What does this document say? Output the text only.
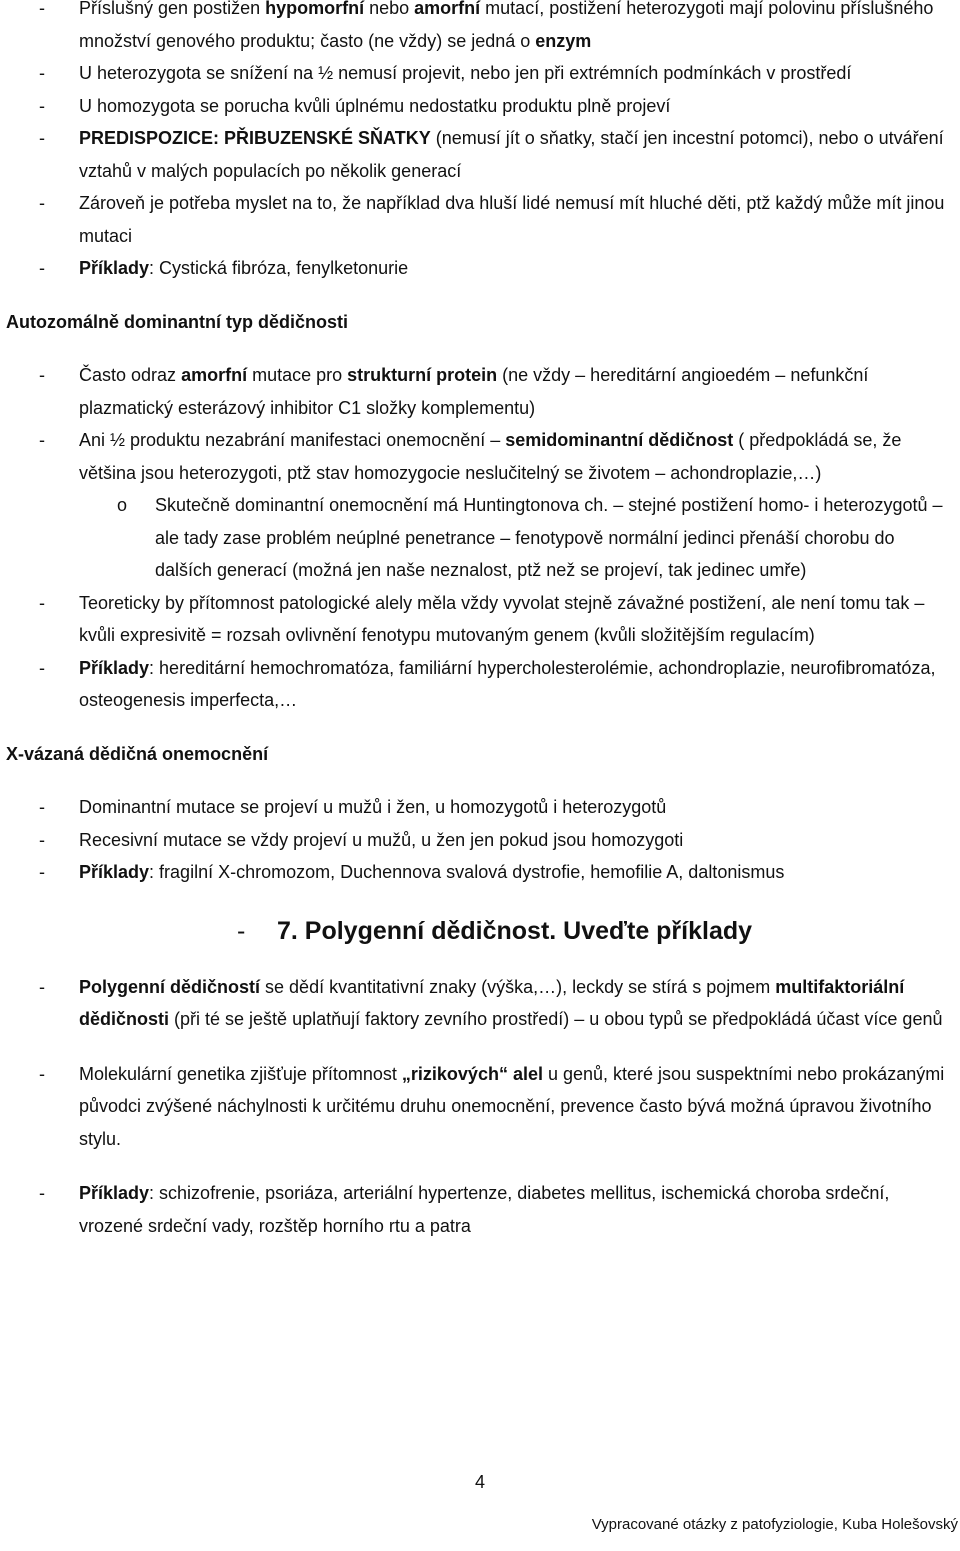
- Příslušný gen postižen hypomorfní nebo amorfní mutací, postižení heterozygoti mají polovinu příslušného množství genového produktu; často (ne vždy) se jedná o enzym

- U heterozygota se snížení na ½ nemusí projevit, nebo jen při extrémních podmínkách v prostředí

- U homozygota se porucha kvůli úplnému nedostatku produktu plně projeví

- PREDISPOZICE: PŘIBUZENSKÉ SŇATKY (nemusí jít o sňatky, stačí jen incestní potomci), nebo o utváření vztahů v malých populacích po několik generací

- Zároveň je potřeba myslet na to, že například dva hluší lidé nemusí mít hluché děti, ptž každý může mít jinou mutaci

- Příklady: Cystická fibróza, fenylketonurie

Autozomálně dominantní typ dědičnosti

- Často odraz amorfní mutace pro strukturní protein (ne vždy – hereditární angioedém – nefunkční plazmatický esterázový inhibitor C1 složky komplementu)

- Ani ½ produktu nezabrání manifestaci onemocnění – semidominantní dědičnost ( předpokládá se, že většina jsou heterozygoti, ptž stav homozygocie neslučitelný se životem – achondroplazie,…)

o Skutečně dominantní onemocnění má Huntingtonova ch. – stejné postižení homo- i heterozygotů – ale tady zase problém neúplné penetrance – fenotypově normální jedinci přenáší chorobu do dalších generací (možná jen naše neznalost, ptž než se projeví, tak jedinec umře)

- Teoreticky by přítomnost patologické alely měla vždy vyvolat stejně závažné postižení, ale není tomu tak – kvůli expresivitě = rozsah ovlivnění fenotypu mutovaným genem (kvůli složitějším regulacím)

- Příklady: hereditární hemochromatóza, familiární hypercholesterolémie, achondroplazie, neurofibromatóza, osteogenesis imperfecta,…

X-vázaná dědičná onemocnění

- Dominantní mutace se projeví u mužů i žen, u homozygotů i heterozygotů

- Recesivní mutace se vždy projeví u mužů, u žen jen pokud jsou homozygoti

- Příklady: fragilní X-chromozom, Duchennova svalová dystrofie, hemofilie A, daltonismus

- 7. Polygenní dědičnost. Uveďte příklady

- Polygenní dědičností se dědí kvantitativní znaky (výška,…), leckdy se stírá s pojmem multifaktoriální dědičnosti (při té se ještě uplatňují faktory zevního prostředí) – u obou typů se předpokládá účast více genů

- Molekulární genetika zjišťuje přítomnost „rizikových“ alel u genů, které jsou suspektními nebo prokázanými původci zvýšené náchylnosti k určitému druhu onemocnění, prevence často bývá možná úpravou životního stylu.

- Příklady: schizofrenie, psoriáza, arteriální hypertenze, diabetes mellitus, ischemická choroba srdeční, vrozené srdeční vady, rozštěp horního rtu a patra

4
Vypracované otázky z patofyziologie, Kuba Holešovský
